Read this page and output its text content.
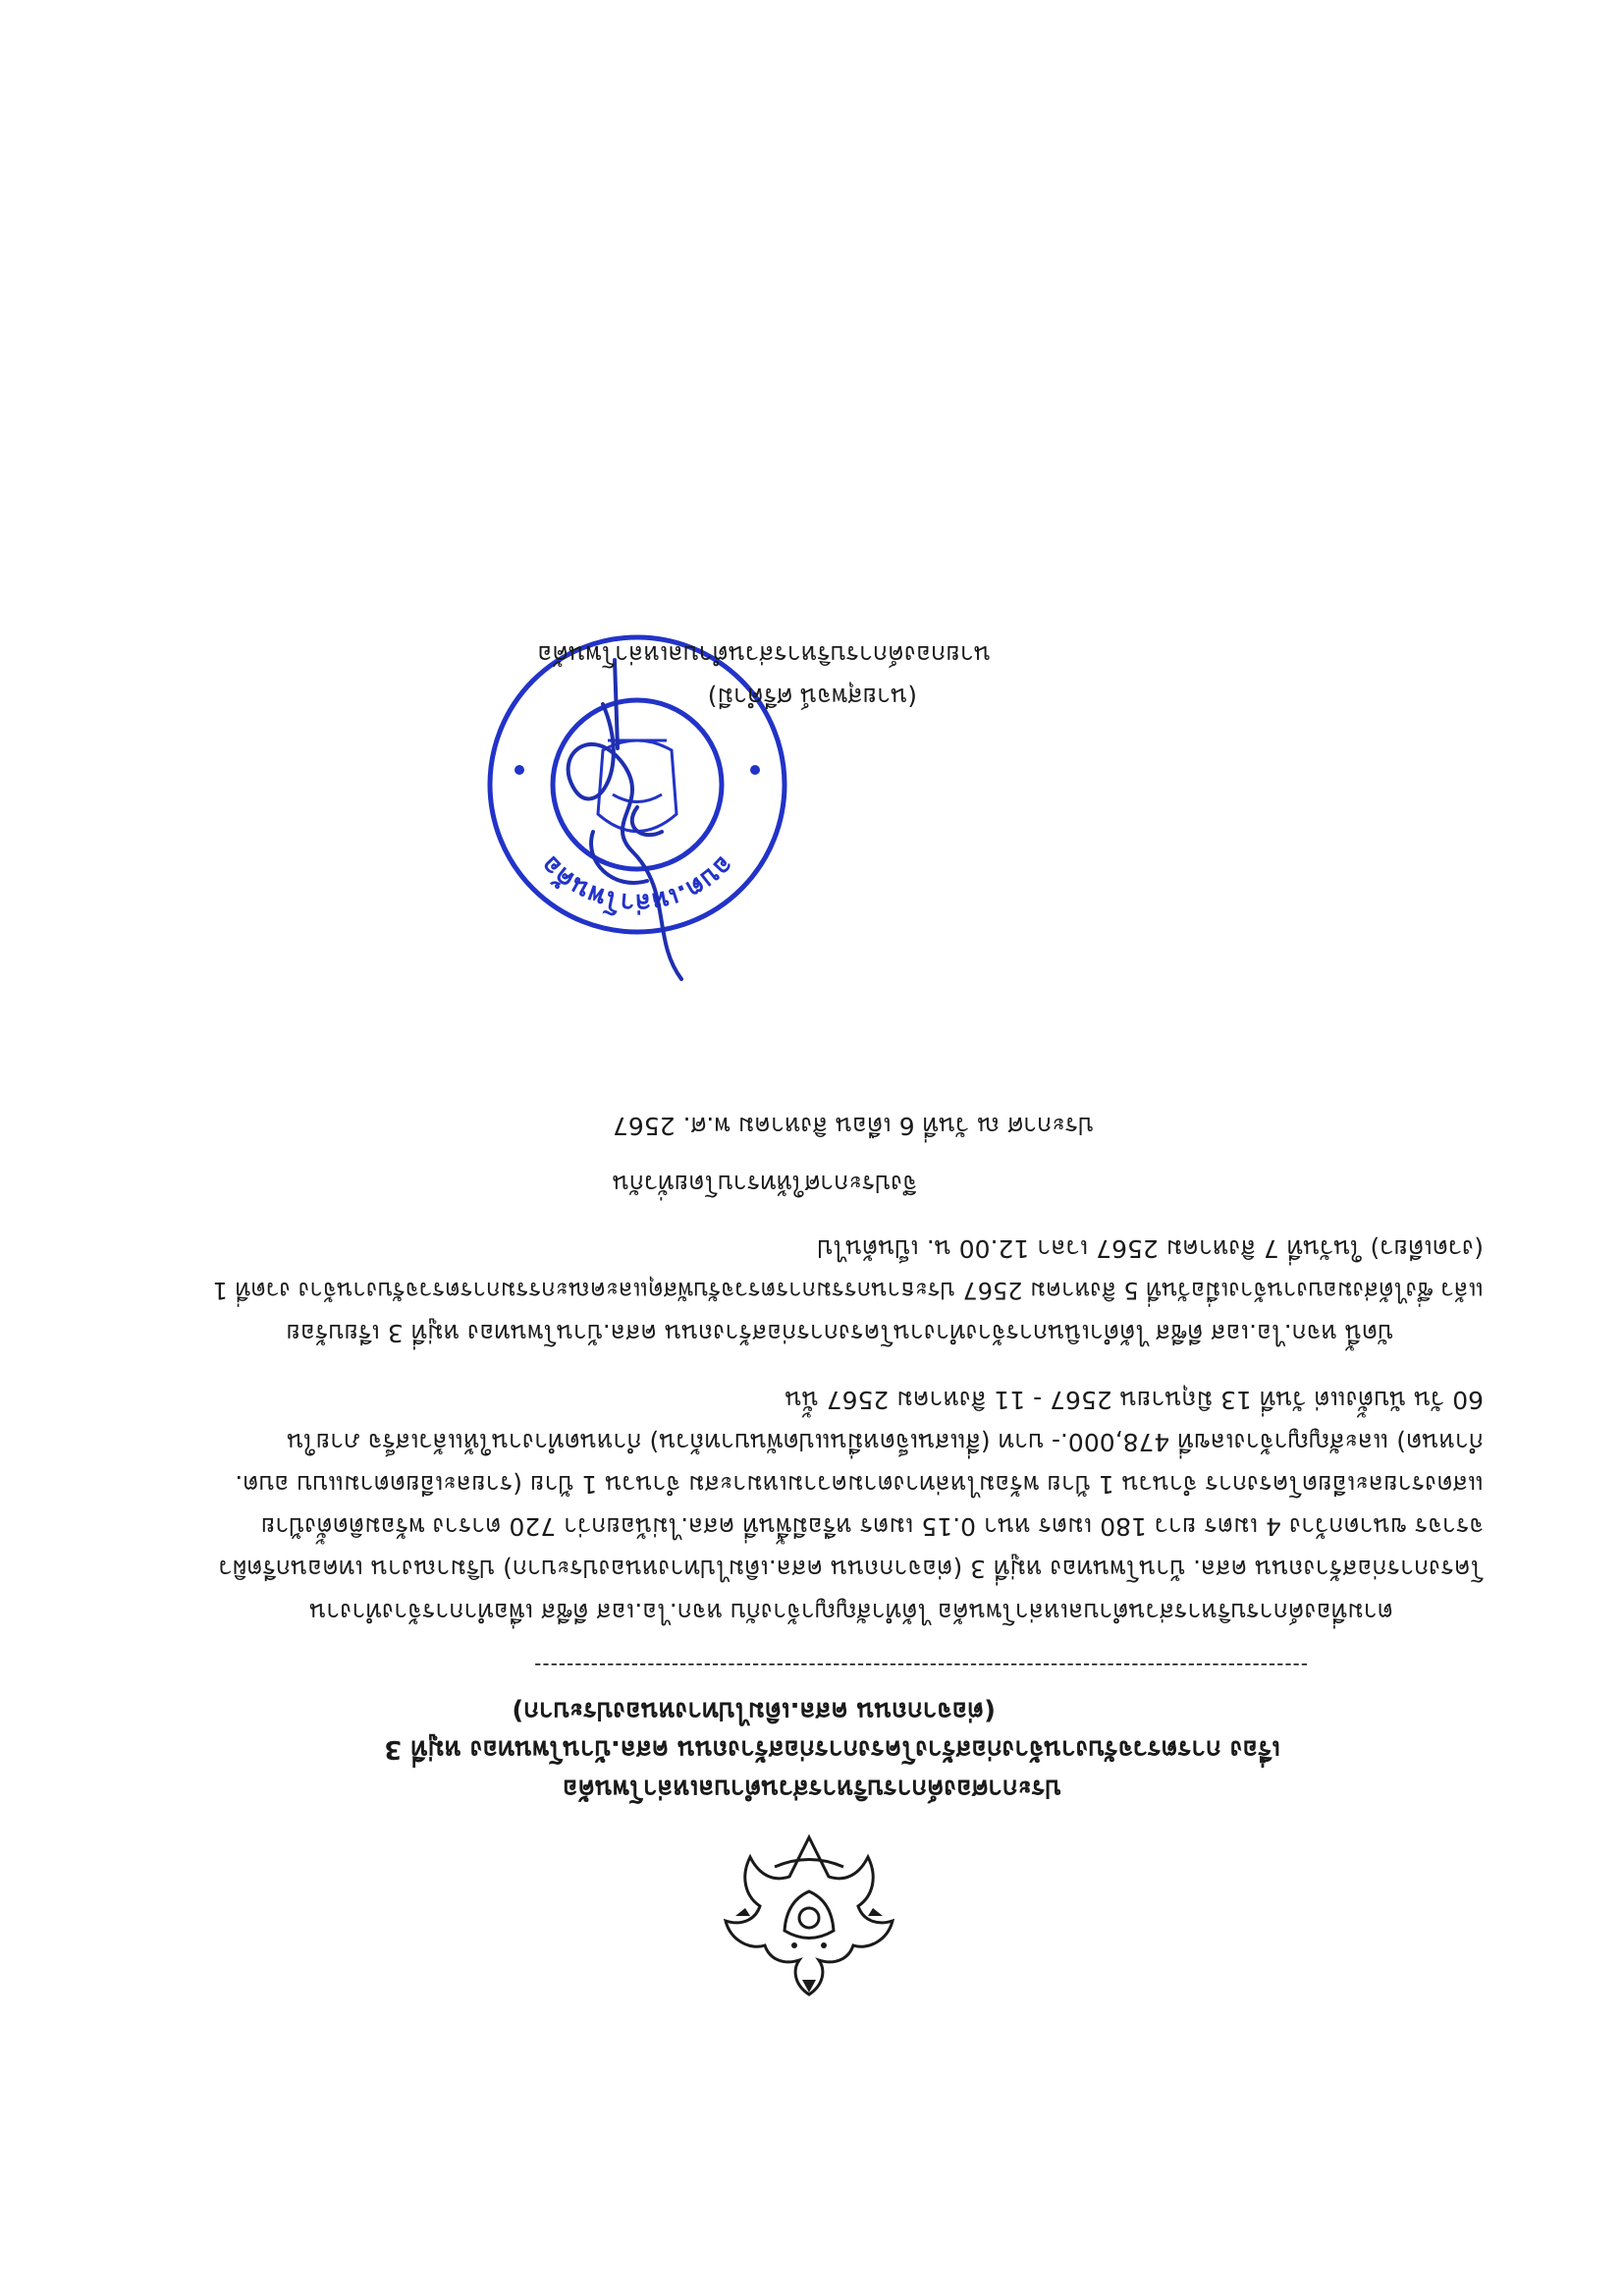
ประกาศองค์การบริหารส่วนตำบลเหล่าโพนค้อ
เรื่อง การตรวจรับงานจ้างก่อสร้างโครงการก่อสร้างถนน คสล.บ้านโพนทอง หมู่ที่ 3
(ต่อจากถนน คสล.เดิมไปทางหนองประบาก)
------------------------------------------------------------------------------------------------
ตามที่องค์การบริหารส่วนตำบลเหล่าโพนค้อ ได้ทำสัญญาจ้างกับ หจก.ไอ.เอส ดีซีส เพื่อทำการจ้างทำงาน
โครงการก่อสร้างถนน คสล. บ้านโพนทอง หมู่ที่ 3 (ต่อจากถนน คสล.เดิมไปทางหนองประบาก) ปริมาณงาน เทคอนกรีตผิว
จราจร ขนาดกว้าง 4 เมตร ยาว 180 เมตร หนา 0.15 เมตร หรือมีพื้นที่ คสล.ไม่น้อยกว่า 720 ตาราง พร้อมติดตั้งป้าย
แสดงรายละเอียดโครงการ จำนวน 1 ป้าย พร้อมไหล่ทางตามความเหมาะสม จำนวน 1 ป้าย (รายละเอียดตามแบบ อบต.
กำหนด) และสัญญาจ้างเลขที่ 478,000.- บาท (สี่แสนเจ็ดหมื่นแปดพันบาทถ้วน) กำหนดทำงานให้แล้วเสร็จ ภายใน
60 วัน นับตั้งแต่ วันที่ 13 มิถุนายน 2567 - 11 สิงหาคม 2567 นั้น
บัดนี้ หจก.ไอ.เอส ดีซีส ได้ดำเนินการจ้างทำงานโครงการก่อสร้างถนน คสล.บ้านโพนทอง หมู่ที่ 3 เรียบร้อย
แล้ว ซึ่งได้ส่งมอบงานจ้างเมื่อวันที่ 5 สิงหาคม 2567 ประธานกรรมการตรวจรับพัสดุและคณะกรรมการตรวจรับงานจ้าง งวดที่ 1
(งวดเดียว) ในวันที่ 7 สิงหาคม 2567 เวลา 12.00 น. เป็นต้นไป
จึงประกาศให้ทราบโดยทั่วกัน
ประกาศ ณ วันที่ 6 เดือน สิงหาคม พ.ศ. 2567
อบต.เหล่าโพนค้อ
(นายสุพจน์ ศรีคำมี)
นายกองค์การบริหารส่วนตำบลเหล่าโพนค้อ
